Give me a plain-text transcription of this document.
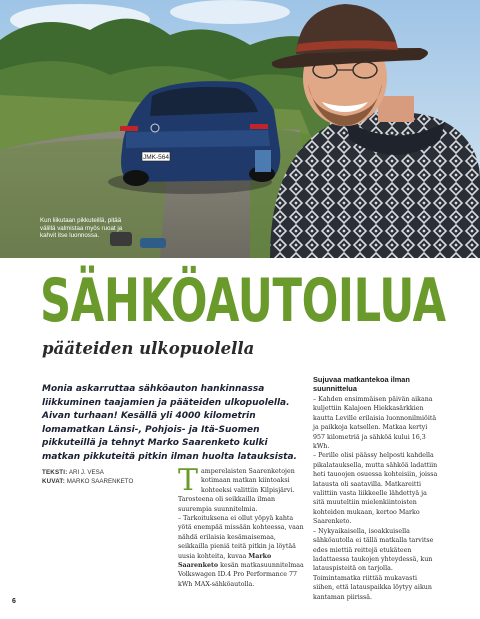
JMK-564
Kun liikutaan pikkuteillä, pitää välillä valmistaa myös ruoat ja kahvit itse luonnossa.
SÄHKÖAUTOILUA
pääteiden ulkopuolella

Monia askarruttaa sähköauton hankinnassa liikkuminen taajamien ja pääteiden ulkopuolella. Aivan turhaan! Kesällä yli 4000 kilometrin lomamatkan Länsi-, Pohjois- ja Itä-Suomen pikkuteillä ja tehnyt Marko Saarenketo kulki matkan pikkuteitä pitkin ilman huolta latauksista.

TEKSTI: ARI J. VESA
KUVAT: MARKO SAARENKETO Tamperelaisten Saarenketojen kotimaan matkan kiintoaksi kohteeksi valittiin Kilpisjärvi. Tarosteena oli seikkailla ilman suurempia suunnitelmia.

– Tarkoituksena ei ollut yöpyä kahta yötä enempää missään kohteessa, vaan nähdä erilaisia kesämaisemaa, seikkailla pieniä teitä pitkin ja löytää uusia kohteita, kuvaa Marko Saarenketo kesän matkasuunnitelmaa Volkswagen ID.4 Pro Performance 77 kWh MAX-sähköautolla.

Sujuvaa matkantekoa ilman suunnittelua

– Kahden ensimmäisen päivän aikana kuljettiin Kalajoen Hiekkasärkkien kautta Leville erilaisia luonnonilmiöitä ja paikkoja katsellen. Matkaa kertyi 957 kilometriä ja sähköä kului 16,3 kWh.

– Perille olisi päässy helposti kahdella pikalatauksella, mutta sähköä ladattiin heti tauoojen osuessa kohteisiin, joissa latausta oli saatavilla. Matkareitti valittiin vasta liikkeelle lähdettyä ja sitä muuteltiin mielenkiintoisten kohteiden mukaan, kertoo Marko Saarenketo.

– Nykyaikaisella, isoakkuisella sähköautolla ei tällä matkalla tarvitse edes miettiä reittejä etukäteen ladattaessa taukojen yhteydessä, kun latauspisteitä on tarjolla. Toimintamatka riittää mukavasti siihen, että latauspaikka löytyy aikun kantaman piirissä.

6
